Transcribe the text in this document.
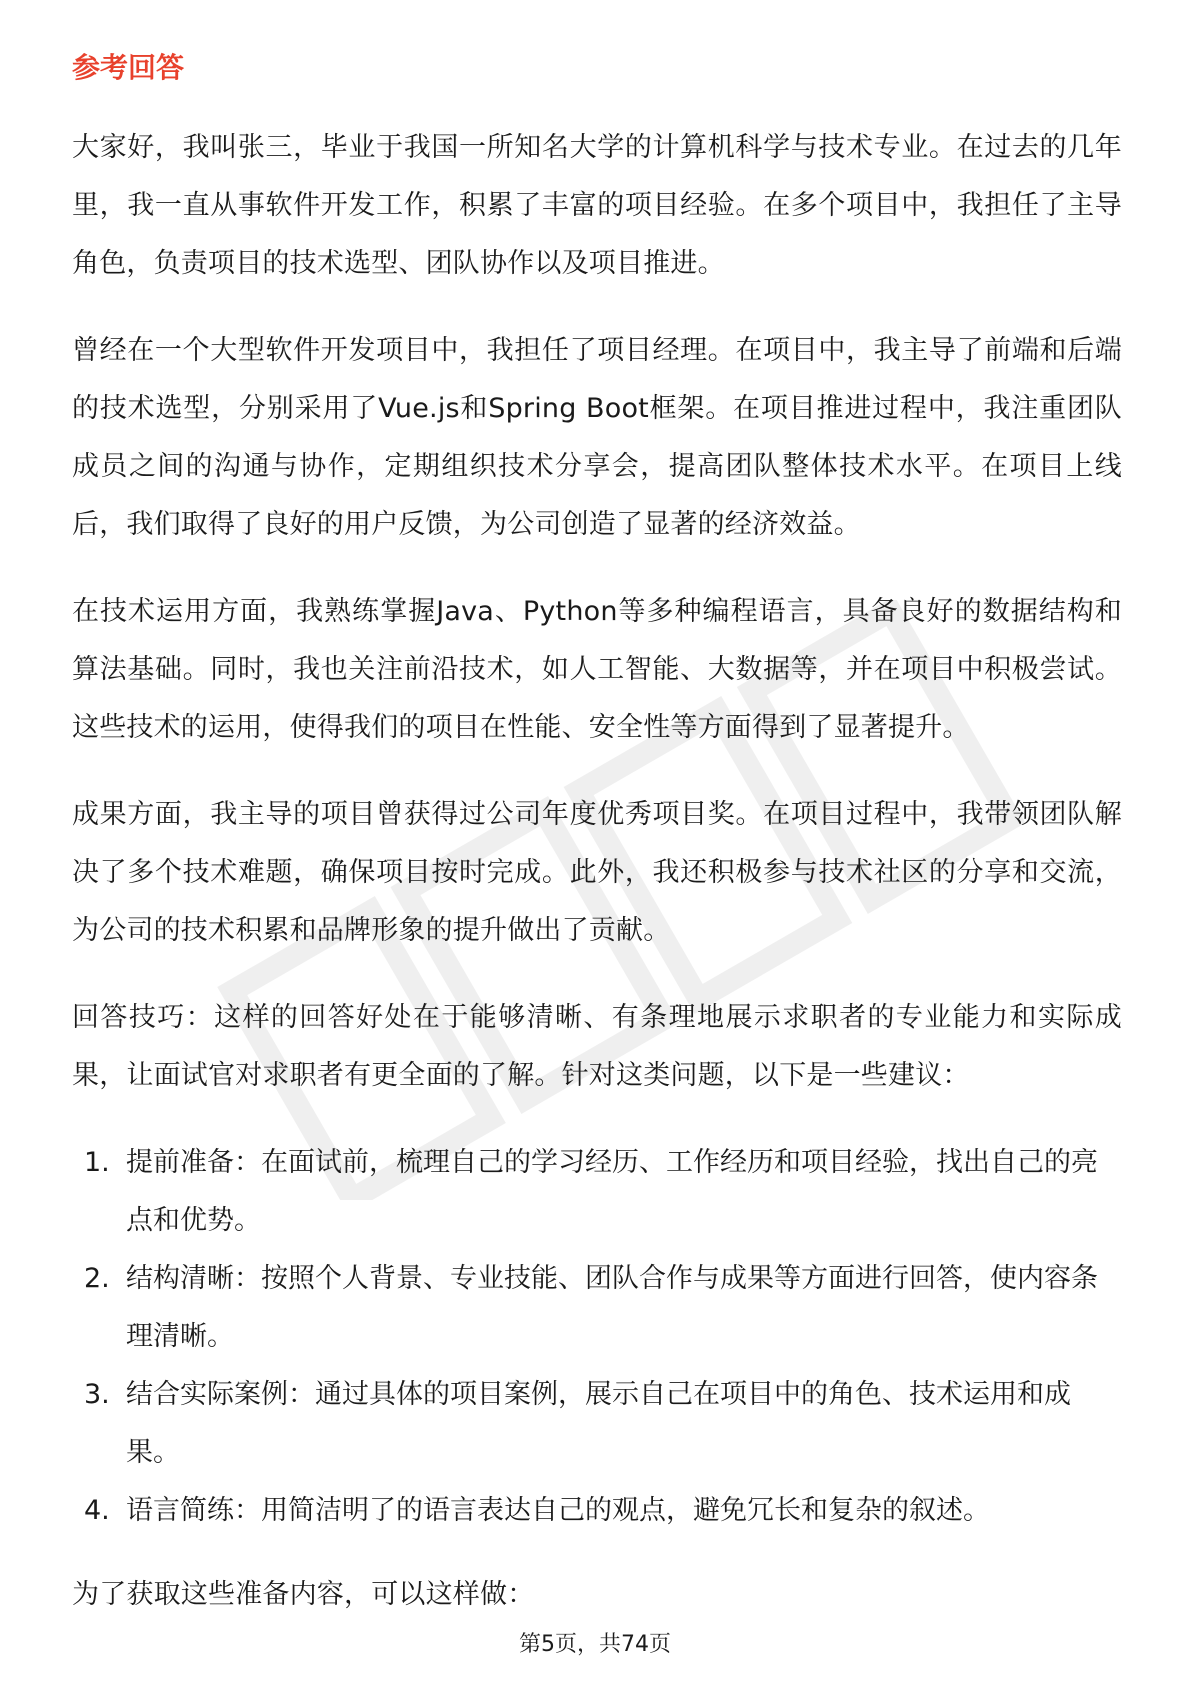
参考回答

大家好，我叫张三，毕业于我国一所知名大学的计算机科学与技术专业。在过去的几年里，我一直从事软件开发工作，积累了丰富的项目经验。在多个项目中，我担任了主导角色，负责项目的技术选型、团队协作以及项目推进。

曾经在一个大型软件开发项目中，我担任了项目经理。在项目中，我主导了前端和后端的技术选型，分别采用了Vue.js和Spring Boot框架。在项目推进过程中，我注重团队成员之间的沟通与协作，定期组织技术分享会，提高团队整体技术水平。在项目上线后，我们取得了良好的用户反馈，为公司创造了显著的经济效益。

在技术运用方面，我熟练掌握Java、Python等多种编程语言，具备良好的数据结构和算法基础。同时，我也关注前沿技术，如人工智能、大数据等，并在项目中积极尝试。这些技术的运用，使得我们的项目在性能、安全性等方面得到了显著提升。

成果方面，我主导的项目曾获得过公司年度优秀项目奖。在项目过程中，我带领团队解决了多个技术难题，确保项目按时完成。此外，我还积极参与技术社区的分享和交流，为公司的技术积累和品牌形象的提升做出了贡献。

回答技巧：这样的回答好处在于能够清晰、有条理地展示求职者的专业能力和实际成果，让面试官对求职者有更全面的了解。针对这类问题，以下是一些建议：

1. 提前准备：在面试前，梳理自己的学习经历、工作经历和项目经验，找出自己的亮点和优势。
2. 结构清晰：按照个人背景、专业技能、团队合作与成果等方面进行回答，使内容条理清晰。
3. 结合实际案例：通过具体的项目案例，展示自己在项目中的角色、技术运用和成果。
4. 语言简练：用简洁明了的语言表达自己的观点，避免冗长和复杂的叙述。

为了获取这些准备内容，可以这样做：

第5页，共74页
